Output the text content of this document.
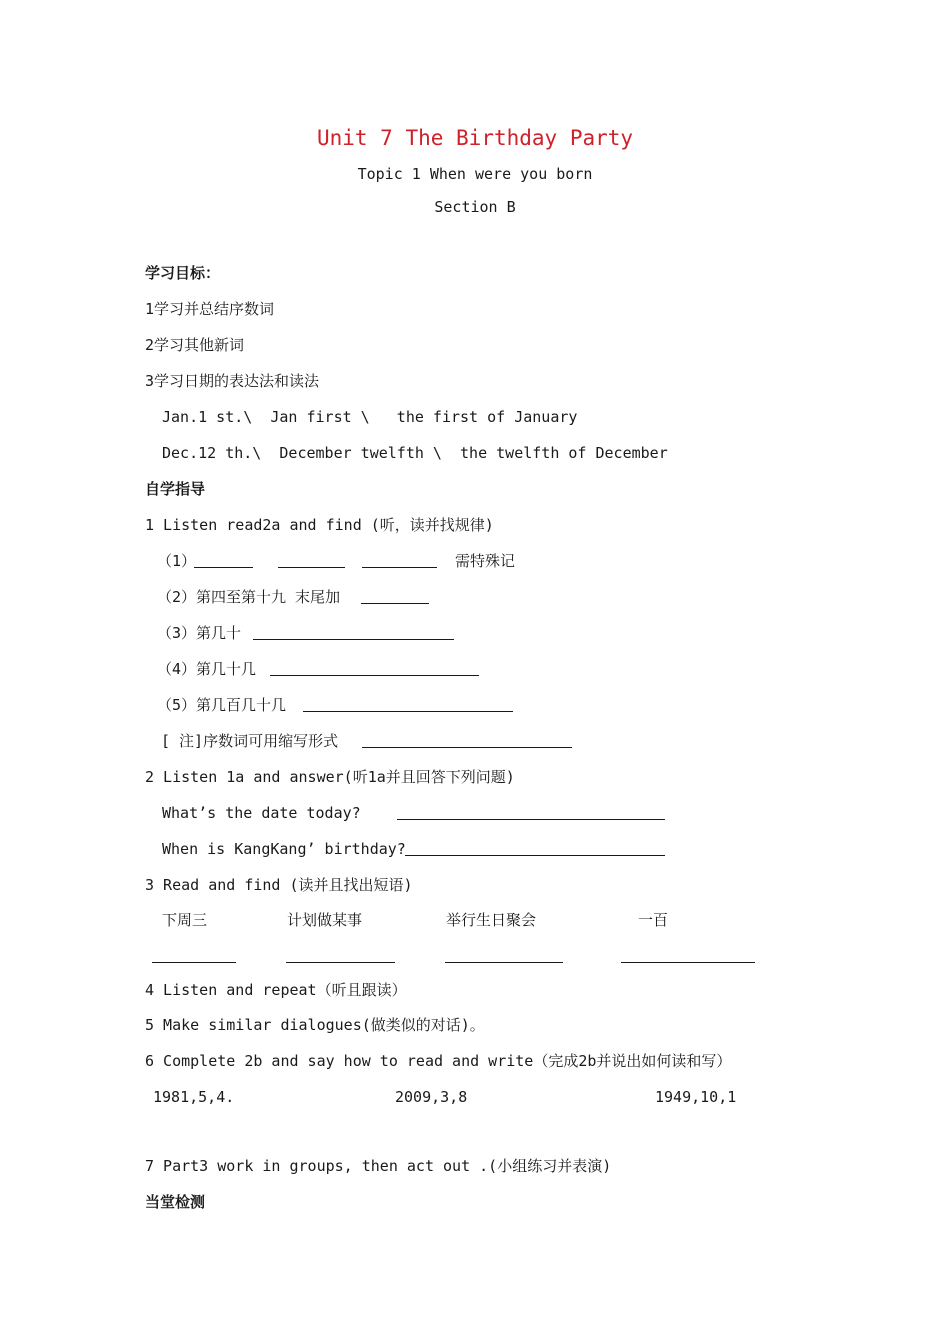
Unit 7 The Birthday Party
Topic 1 When were you born
Section B
学习目标：
1学习并总结序数词
2学习其他新词
3学习日期的表达法和读法
Jan.1 st.\  Jan first \   the first of January
Dec.12 th.\  December twelfth \  the twelfth of December
自学指导
1 Listen read2a and find (听，读并找规律)
（1）	需特殊记
（2）第四至第十九 末尾加
（3）第几十
（4）第几十几
（5）第几百几十几
[ 注]序数词可用缩写形式
2 Listen 1a and answer(听1a并且回答下列问题)
What’s the date today?
When is KangKang’ birthday?
3 Read and find (读并且找出短语)
下周三	计划做某事	举行生日聚会	一百
4 Listen and repeat（听且跟读）
5 Make similar dialogues(做类似的对话)。
6 Complete 2b and say how to read and write（完成2b并说出如何读和写）
1981,5,4.	2009,3,8	1949,10,1
7 Part3 work in groups, then act out .(小组练习并表演)
当堂检测
